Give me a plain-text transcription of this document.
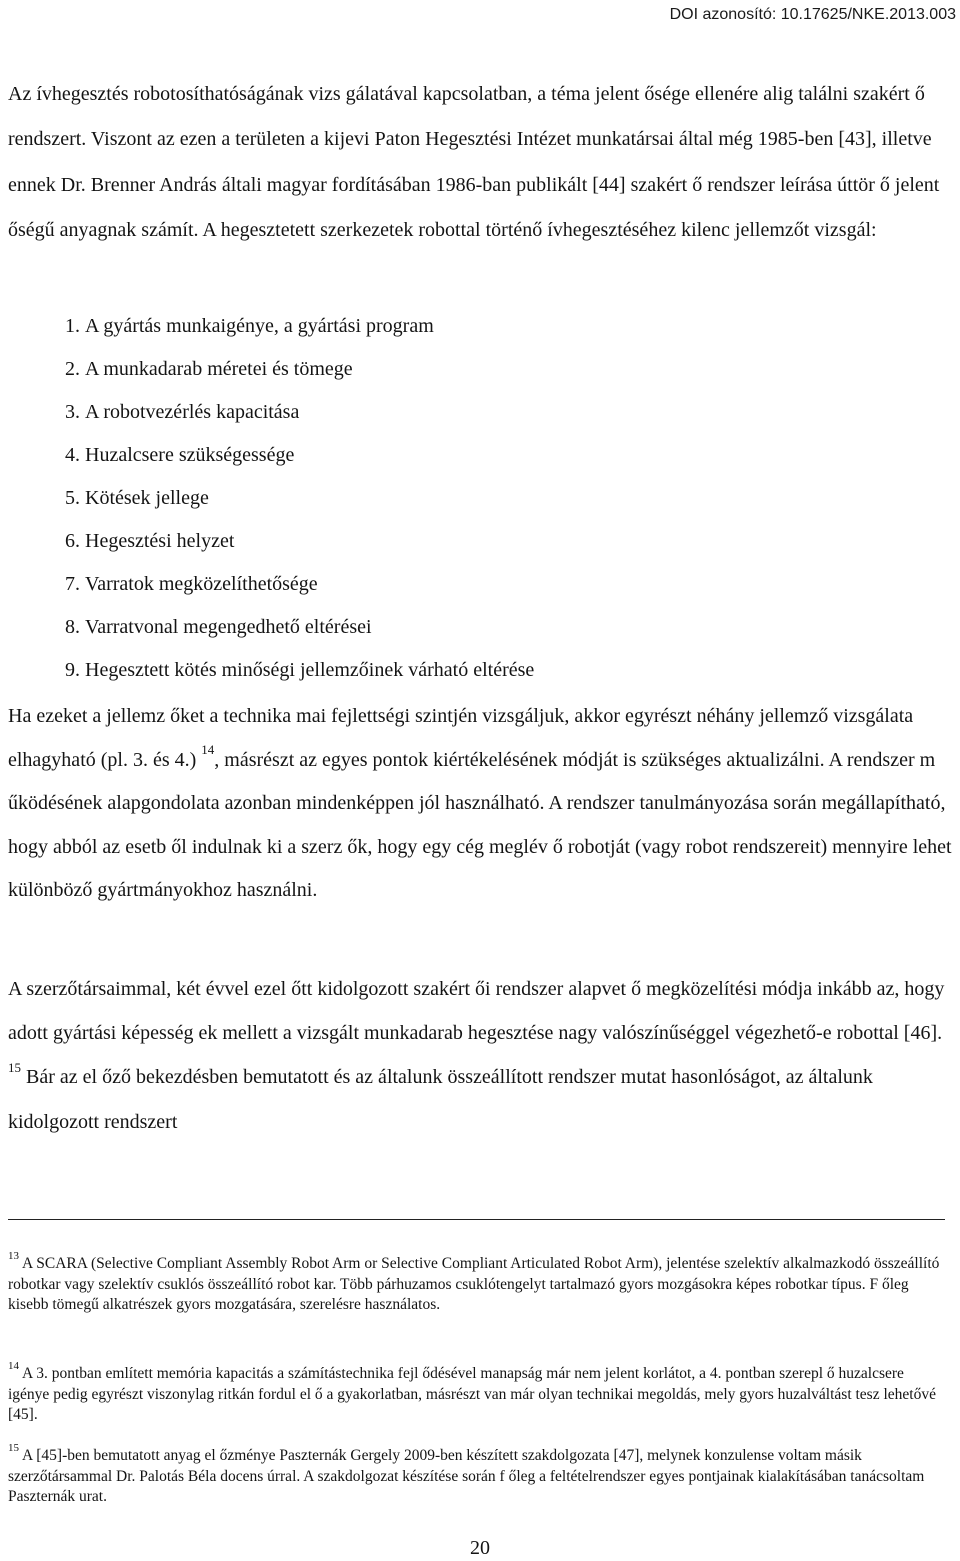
DOI azonosító: 10.17625/NKE.2013.003

Az ívhegesztés robotosíthatóságának vizs gálatával kapcsolatban, a téma jelent ősége ellenére alig találni szakért ő rendszert. Viszont az ezen a területen a kijevi Paton Hegesztési Intézet munkatársai által még 1985-ben [43], illetve ennek Dr. Brenner András általi magyar fordításában 1986-ban publikált [44] szakért ő rendszer leírása úttör ő jelent őségű anyagnak számít. A hegesztetett szerkezetek robottal történő ívhegesztéséhez kilenc jellemzőt vizsgál:

1.
A gyártás munkaigénye, a gyártási program
2.
A munkadarab méretei és tömege
3.
A robotvezérlés kapacitása
4.
Huzalcsere szükségessége
5.
Kötések jellege
6.
Hegesztési helyzet
7.
Varratok megközelíthetősége
8.
Varratvonal megengedhető eltérései
9.
Hegesztett kötés minőségi jellemzőinek várható eltérése

Ha ezeket a jellemz őket a technika mai fejlettségi szintjén vizsgáljuk, akkor egyrészt néhány jellemző vizsgálata elhagyható (pl. 3. és 4.) $^{14}$, másrészt az egyes pontok kiértékelésének módját is szükséges aktualizálni. A rendszer m űködésének alapgondolata azonban mindenképpen jól használható. A rendszer tanulmányozása során megállapítható, hogy abból az esetb ől indulnak ki a szerz ők, hogy egy cég meglév ő robotját (vagy robot rendszereit) mennyire lehet különböző gyártmányokhoz használni.

A szerzőtársaimmal, két évvel ezel őtt kidolgozott szakért ői rendszer alapvet ő megközelítési módja inkább az, hogy adott gyártási képesség ek mellett a vizsgált munkadarab hegesztése nagy valószínűséggel végezhető-e robottal [46]. $^{15}$ Bár az el őző bekezdésben bemutatott és az általunk összeállított rendszer mutat hasonlóságot, az általunk kidolgozott rendszert

$^{13}$ A SCARA (Selective Compliant Assembly Robot Arm or Selective Compliant Articulated Robot Arm), jelentése szelektív alkalmazkodó összeállító robotkar vagy szelektív csuklós összeállító robot kar. Több párhuzamos csuklótengelyt tartalmazó gyors mozgásokra képes robotkar típus. F őleg kisebb tömegű alkatrészek gyors mozgatására, szerelésre használatos.

$^{14}$ A 3. pontban említett memória kapacitás a számítástechnika fejl ődésével manapság már nem jelent korlátot, a 4. pontban szerepl ő huzalcsere igénye pedig egyrészt viszonylag ritkán fordul el ő a gyakorlatban, másrészt van már olyan technikai megoldás, mely gyors huzalváltást tesz lehetővé [45].

$^{15}$ A [45]-ben bemutatott anyag el őzménye Paszternák Gergely 2009-ben készített szakdolgozata [47], melynek konzulense voltam másik szerzőtársammal Dr. Palotás Béla docens úrral. A szakdolgozat készítése során f őleg a feltételrendszer egyes pontjainak kialakításában tanácsoltam Paszternák urat.

20
